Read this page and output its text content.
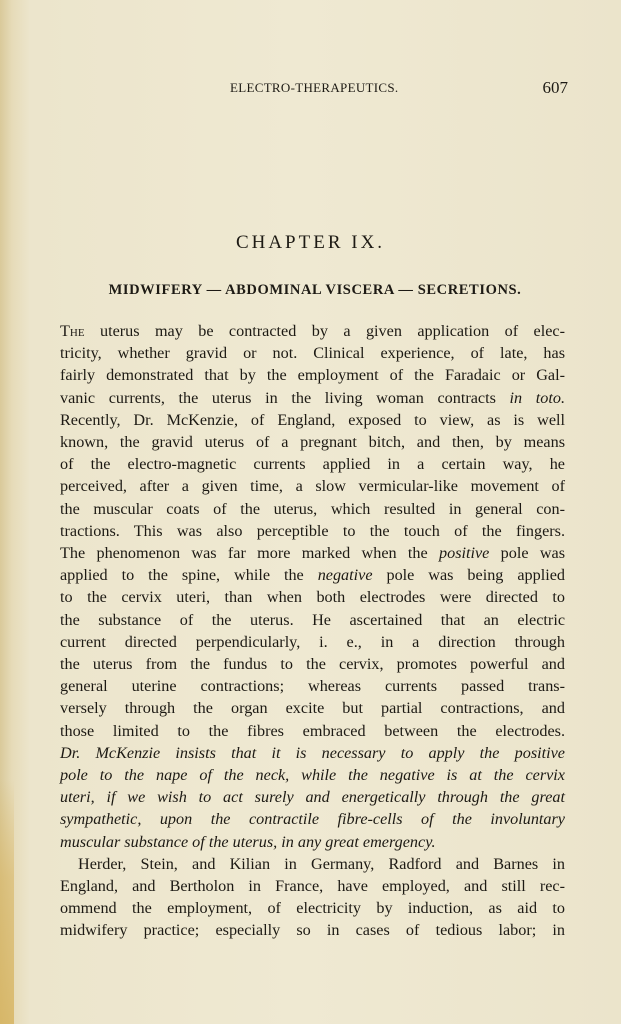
ELECTRO-THERAPEUTICS.	607
CHAPTER IX.
MIDWIFERY — ABDOMINAL VISCERA — SECRETIONS.
The uterus may be contracted by a given application of elec-
tricity, whether gravid or not. Clinical experience, of late, has
fairly demonstrated that by the employment of the Faradaic or Gal-
vanic currents, the uterus in the living woman contracts in toto.
Recently, Dr. McKenzie, of England, exposed to view, as is well
known, the gravid uterus of a pregnant bitch, and then, by means
of the electro-magnetic currents applied in a certain way, he
perceived, after a given time, a slow vermicular-like movement of
the muscular coats of the uterus, which resulted in general con-
tractions. This was also perceptible to the touch of the fingers.
The phenomenon was far more marked when the positive pole was
applied to the spine, while the negative pole was being applied
to the cervix uteri, than when both electrodes were directed to
the substance of the uterus. He ascertained that an electric
current directed perpendicularly, i. e., in a direction through
the uterus from the fundus to the cervix, promotes powerful and
general uterine contractions; whereas currents passed trans-
versely through the organ excite but partial contractions, and
those limited to the fibres embraced between the electrodes.
Dr. McKenzie insists that it is necessary to apply the positive
pole to the nape of the neck, while the negative is at the cervix
uteri, if we wish to act surely and energetically through the great
sympathetic, upon the contractile fibre-cells of the involuntary
muscular substance of the uterus, in any great emergency.
Herder, Stein, and Kilian in Germany, Radford and Barnes in
England, and Bertholon in France, have employed, and still rec-
ommend the employment, of electricity by induction, as aid to
midwifery practice; especially so in cases of tedious labor; in
